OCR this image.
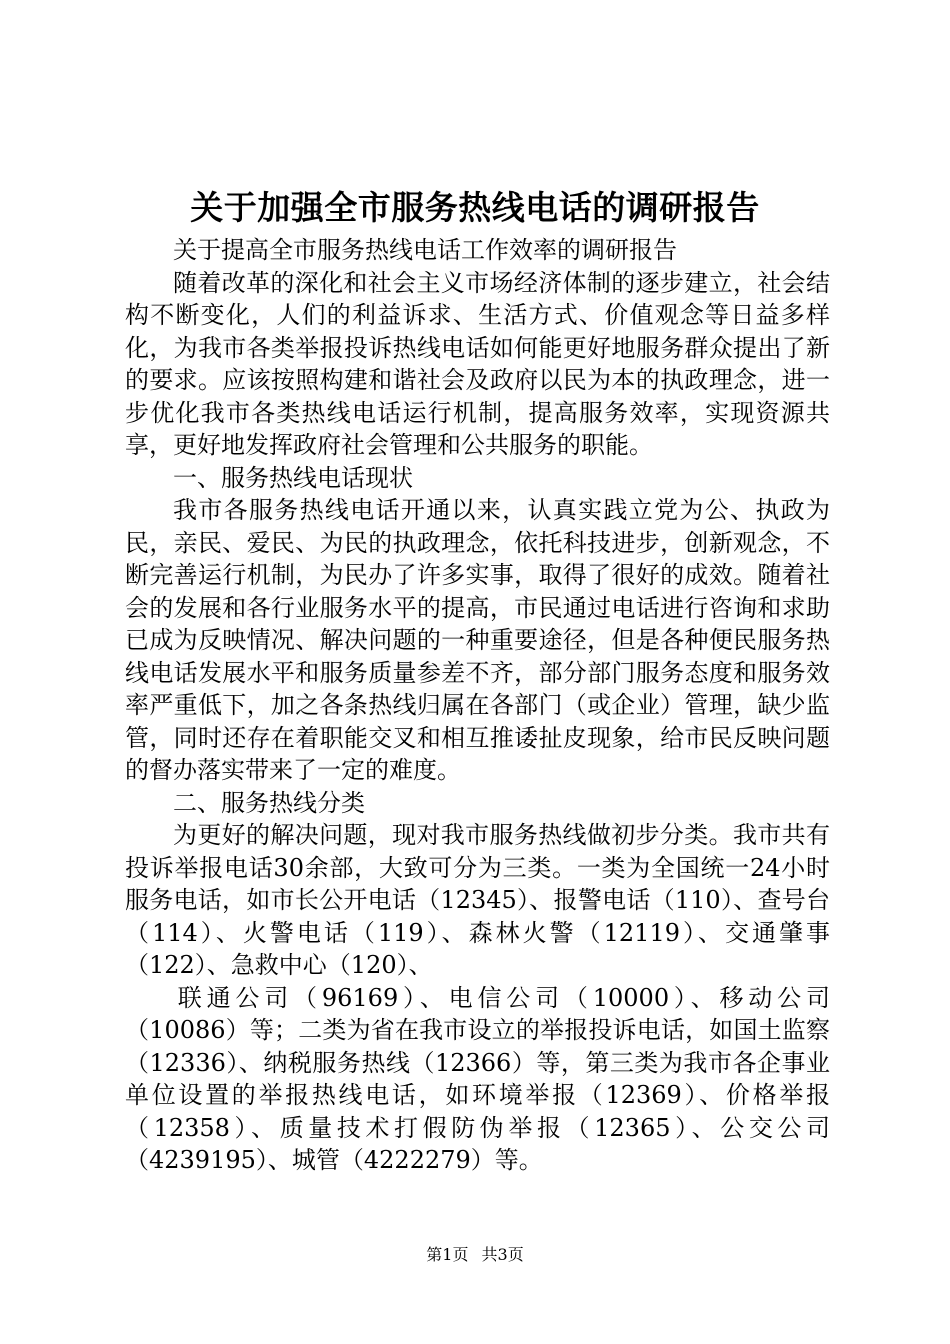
关于加强全市服务热线电话的调研报告

关于提高全市服务热线电话工作效率的调研报告

随着改革的深化和社会主义市场经济体制的逐步建立，社会结构不断变化，人们的利益诉求、生活方式、价值观念等日益多样化，为我市各类举报投诉热线电话如何能更好地服务群众提出了新的要求。应该按照构建和谐社会及政府以民为本的执政理念，进一步优化我市各类热线电话运行机制，提高服务效率，实现资源共享，更好地发挥政府社会管理和公共服务的职能。

一、服务热线电话现状

我市各服务热线电话开通以来，认真实践立党为公、执政为民，亲民、爱民、为民的执政理念，依托科技进步，创新观念，不断完善运行机制，为民办了许多实事，取得了很好的成效。随着社会的发展和各行业服务水平的提高，市民通过电话进行咨询和求助已成为反映情况、解决问题的一种重要途径，但是各种便民服务热线电话发展水平和服务质量参差不齐，部分部门服务态度和服务效率严重低下，加之各条热线归属在各部门（或企业）管理，缺少监管，同时还存在着职能交叉和相互推诿扯皮现象，给市民反映问题的督办落实带来了一定的难度。

二、服务热线分类

为更好的解决问题，现对我市服务热线做初步分类。我市共有投诉举报电话30余部，大致可分为三类。一类为全国统一24小时服务电话，如市长公开电话（12345）、报警电话（110）、查号台（114）、火警电话（119）、森林火警（12119）、交通肇事（122）、急救中心（120）、

联通公司（96169）、电信公司（10000）、移动公司（10086）等；二类为省在我市设立的举报投诉电话，如国土监察（12336）、纳税服务热线（12366）等，第三类为我市各企事业单位设置的举报热线电话，如环境举报（12369）、价格举报（12358）、质量技术打假防伪举报（12365）、公交公司（4239195）、城管（4222279）等。

第1页 共3页
